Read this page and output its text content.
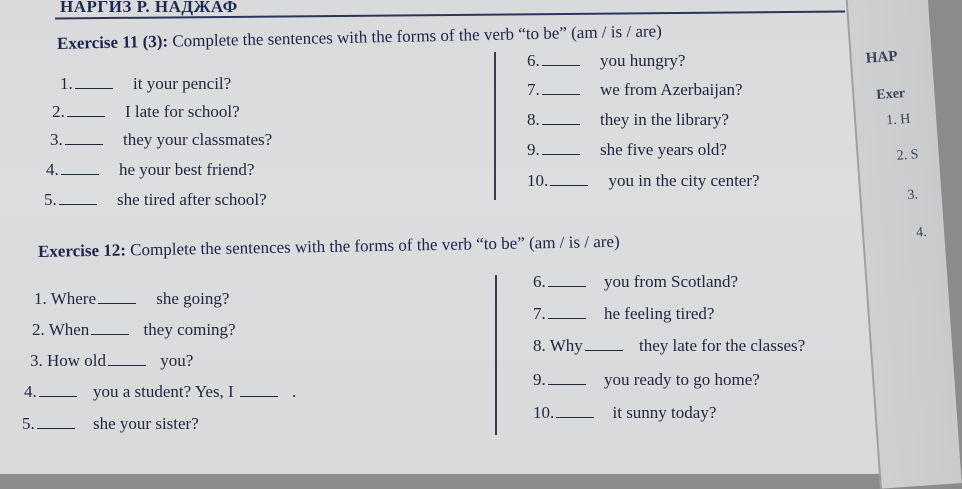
НАР
Exer
1. H
2. S
3.
4.
НАРГИЗ Р. НАДЖАФ
Exercise 11 (3): Complete the sentences with the forms of the verb “to be” (am / is / are)
1.	it your pencil?
2.	I late for school?
3.	they your classmates?
4.	he your best friend?
5.	she tired after school?
6.	you hungry?
7.	we from Azerbaijan?
8.	they in the library?
9.	she five years old?
10.	you in the city center?
Exercise 12: Complete the sentences with the forms of the verb “to be” (am / is / are)
1. Where	she going?
2. When	they coming?
3. How old	you?
4.	you a student? Yes, I	.
5.	she your sister?
6.	you from Scotland?
7.	he feeling tired?
8. Why	they late for the classes?
9.	you ready to go home?
10.	it sunny today?
